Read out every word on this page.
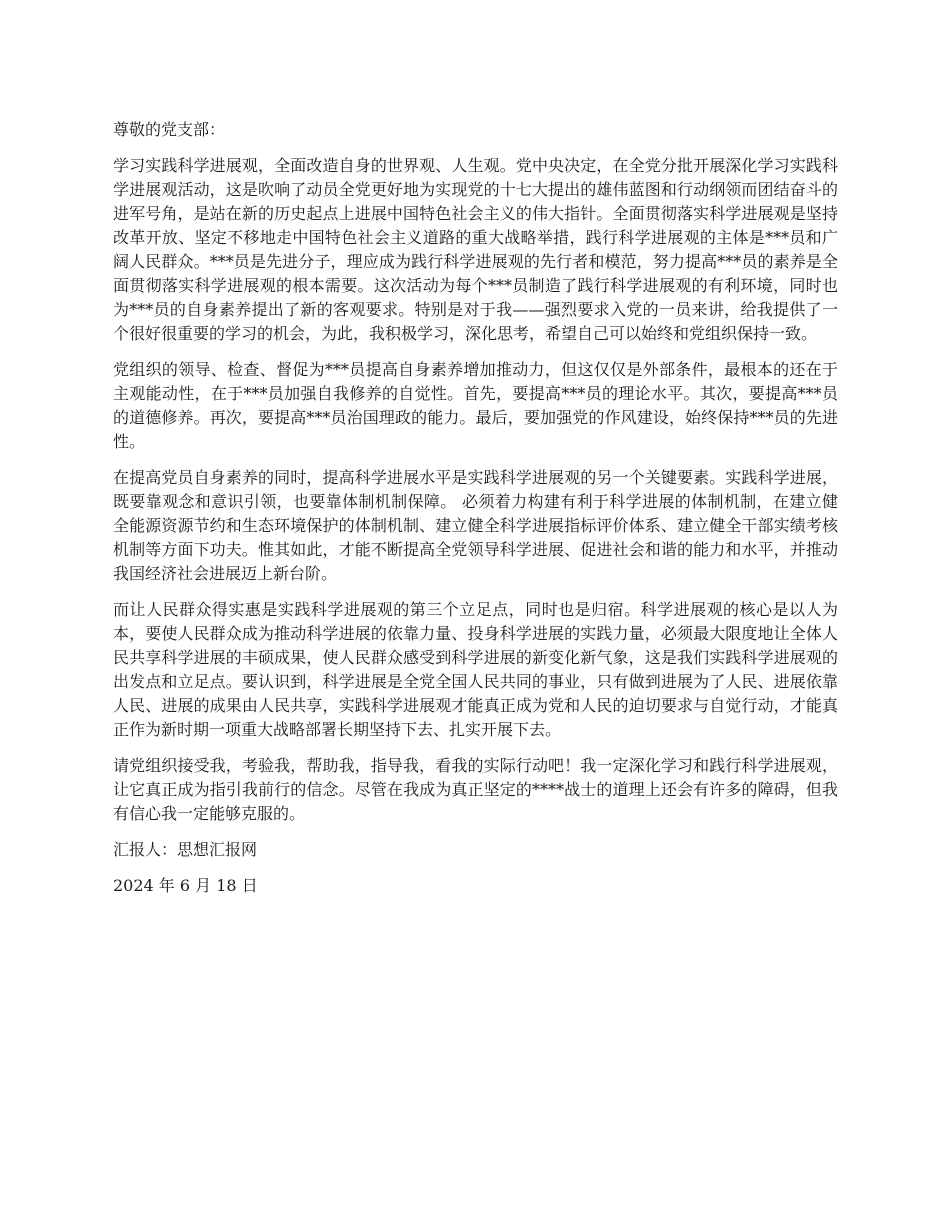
尊敬的党支部：

学习实践科学进展观，全面改造自身的世界观、人生观。党中央决定，在全党分批开展深化学习实践科学进展观活动，这是吹响了动员全党更好地为实现党的十七大提出的雄伟蓝图和行动纲领而团结奋斗的进军号角，是站在新的历史起点上进展中国特色社会主义的伟大指针。全面贯彻落实科学进展观是坚持改革开放、坚定不移地走中国特色社会主义道路的重大战略举措，践行科学进展观的主体是***员和广阔人民群众。***员是先进分子，理应成为践行科学进展观的先行者和模范，努力提高***员的素养是全面贯彻落实科学进展观的根本需要。这次活动为每个***员制造了践行科学进展观的有利环境，同时也为***员的自身素养提出了新的客观要求。特别是对于我——强烈要求入党的一员来讲，给我提供了一个很好很重要的学习的机会，为此，我积极学习，深化思考，希望自己可以始终和党组织保持一致。

党组织的领导、检查、督促为***员提高自身素养增加推动力，但这仅仅是外部条件，最根本的还在于主观能动性，在于***员加强自我修养的自觉性。首先，要提高***员的理论水平。其次，要提高***员的道德修养。再次，要提高***员治国理政的能力。最后，要加强党的作风建设，始终保持***员的先进性。

在提高党员自身素养的同时，提高科学进展水平是实践科学进展观的另一个关键要素。实践科学进展，既要靠观念和意识引领，也要靠体制机制保障。 必须着力构建有利于科学进展的体制机制，在建立健全能源资源节约和生态环境保护的体制机制、建立健全科学进展指标评价体系、建立健全干部实绩考核机制等方面下功夫。惟其如此，才能不断提高全党领导科学进展、促进社会和谐的能力和水平，并推动我国经济社会进展迈上新台阶。

而让人民群众得实惠是实践科学进展观的第三个立足点，同时也是归宿。科学进展观的核心是以人为本，要使人民群众成为推动科学进展的依靠力量、投身科学进展的实践力量，必须最大限度地让全体人民共享科学进展的丰硕成果，使人民群众感受到科学进展的新变化新气象，这是我们实践科学进展观的出发点和立足点。要认识到，科学进展是全党全国人民共同的事业，只有做到进展为了人民、进展依靠人民、进展的成果由人民共享，实践科学进展观才能真正成为党和人民的迫切要求与自觉行动，才能真正作为新时期一项重大战略部署长期坚持下去、扎实开展下去。

请党组织接受我，考验我，帮助我，指导我，看我的实际行动吧！我一定深化学习和践行科学进展观，让它真正成为指引我前行的信念。尽管在我成为真正坚定的****战士的道理上还会有许多的障碍，但我有信心我一定能够克服的。

汇报人：思想汇报网

2024 年 6 月 18 日
